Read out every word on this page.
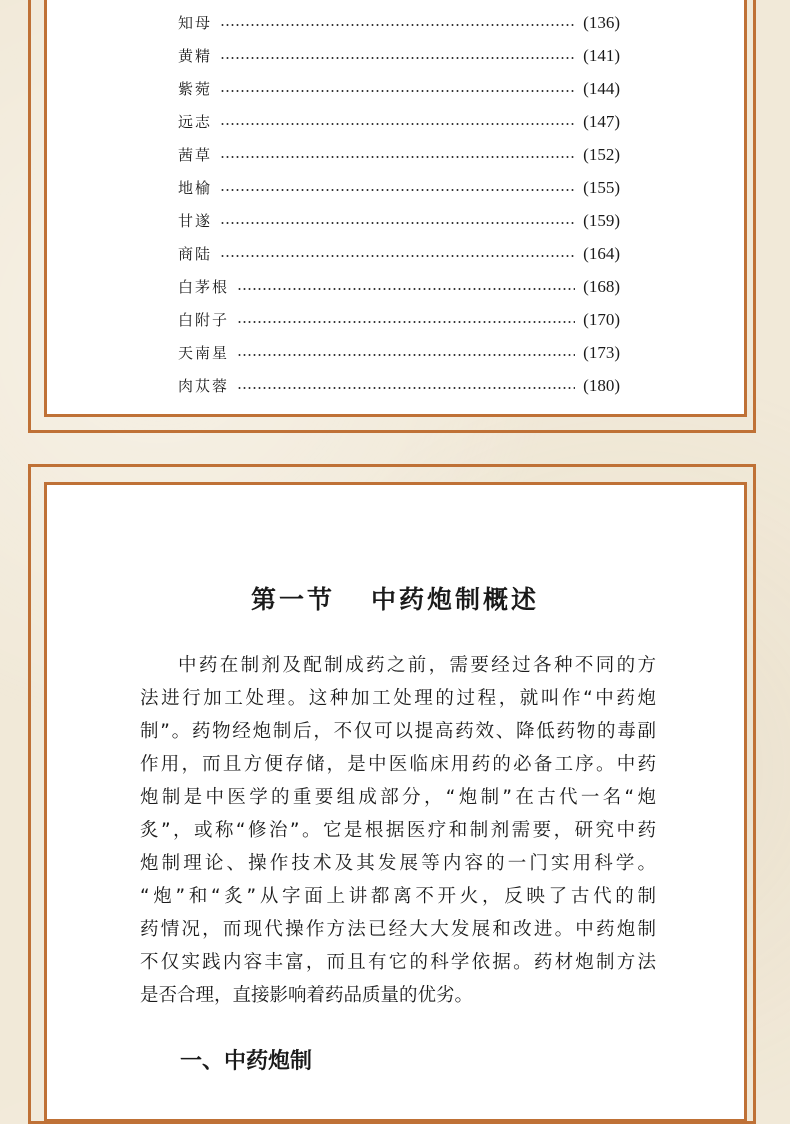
知母	(136)
黄精	(141)
紫菀	(144)
远志	(147)
茜草	(152)
地榆	(155)
甘遂	(159)
商陆	(164)
白茅根	(168)
白附子	(170)
天南星	(173)
肉苁蓉	(180)
第一节 中药炮制概述
中药在制剂及配制成药之前，需要经过各种不同的方
法进行加工处理。这种加工处理的过程，就叫作“中药炮
制”。药物经炮制后，不仅可以提高药效、降低药物的毒副
作用，而且方便存储，是中医临床用药的必备工序。中药
炮制是中医学的重要组成部分，“炮制”在古代一名“炮
炙”，或称“修治”。它是根据医疗和制剂需要，研究中药
炮制理论、操作技术及其发展等内容的一门实用科学。
“炮”和“炙”从字面上讲都离不开火，反映了古代的制
药情况，而现代操作方法已经大大发展和改进。中药炮制
不仅实践内容丰富，而且有它的科学依据。药材炮制方法
是否合理，直接影响着药品质量的优劣。
一、中药炮制
